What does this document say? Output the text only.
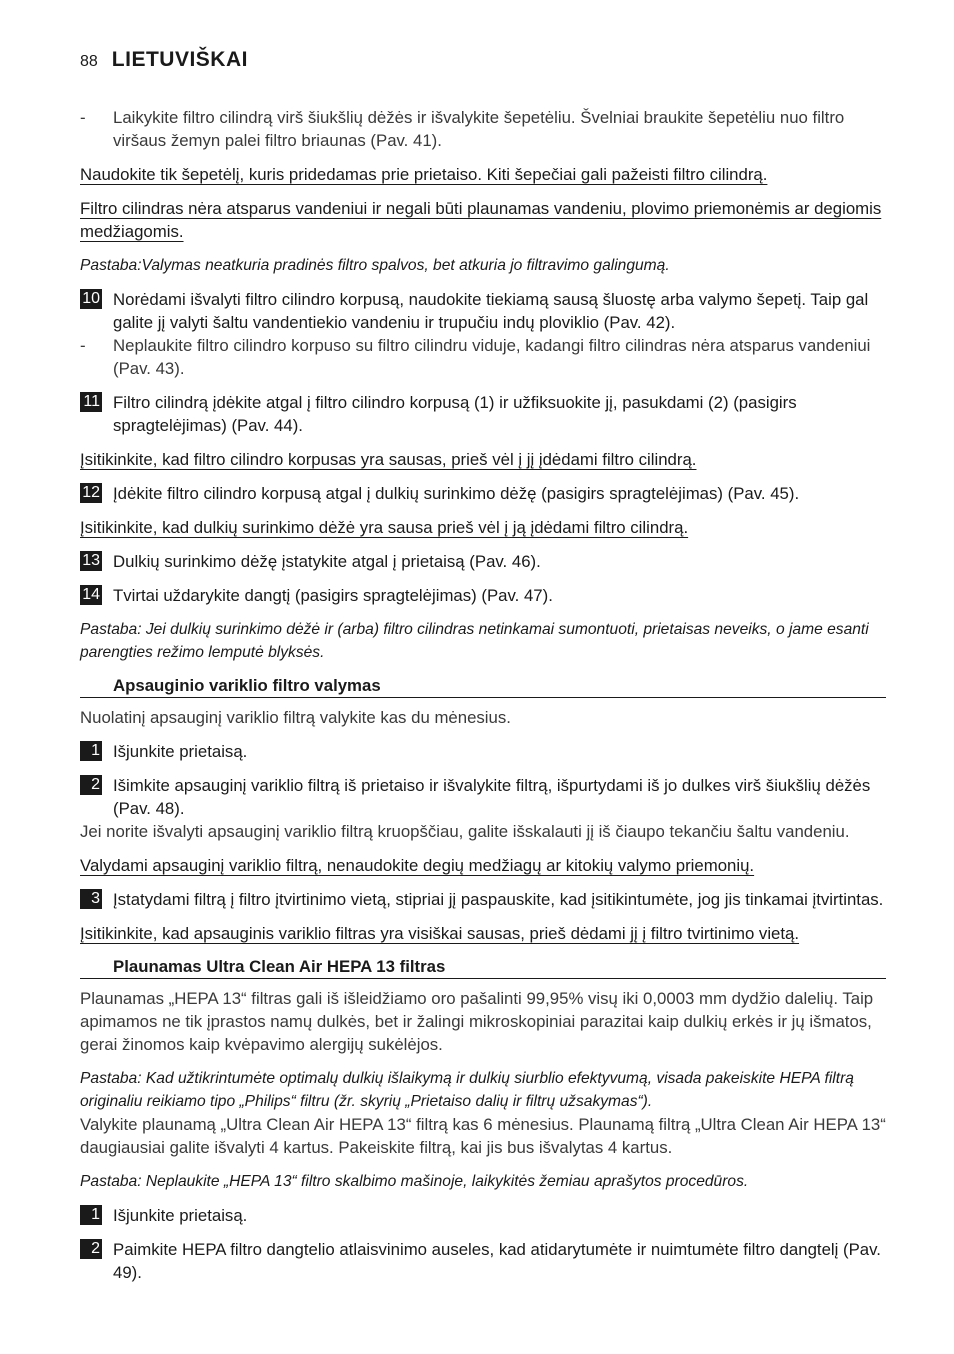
88 LIETUVIŠKAI
-	Laikykite filtro cilindrą virš šiukšlių dėžės ir išvalykite šepetėliu. Švelniai braukite šepetėliu nuo filtro viršaus žemyn palei filtro briaunas (Pav. 41).
Naudokite tik šepetėlį, kuris pridedamas prie prietaiso. Kiti šepečiai gali pažeisti filtro cilindrą.
Filtro cilindras nėra atsparus vandeniui ir negali būti plaunamas vandeniu, plovimo priemonėmis ar degiomis medžiagomis.
Pastaba:Valymas neatkuria pradinės filtro spalvos, bet atkuria jo filtravimo galingumą.
10 Norėdami išvalyti filtro cilindro korpusą, naudokite tiekiamą sausą šluostę arba valymo šepetį. Taip gal galite jį valyti šaltu vandentiekio vandeniu ir trupučiu indų ploviklio (Pav. 42).
-	Neplaukite filtro cilindro korpuso su filtro cilindru viduje, kadangi filtro cilindras nėra atsparus vandeniui (Pav. 43).
11 Filtro cilindrą įdėkite atgal į filtro cilindro korpusą (1) ir užfiksuokite jį, pasukdami (2) (pasigirs spragtelėjimas) (Pav. 44).
Įsitikinkite, kad filtro cilindro korpusas yra sausas, prieš vėl į jį įdėdami filtro cilindrą.
12 Įdėkite filtro cilindro korpusą atgal į dulkių surinkimo dėžę (pasigirs spragtelėjimas) (Pav. 45).
Įsitikinkite, kad dulkių surinkimo dėžė yra sausa prieš vėl į ją įdėdami filtro cilindrą.
13 Dulkių surinkimo dėžę įstatykite atgal į prietaisą (Pav. 46).
14 Tvirtai uždarykite dangtį (pasigirs spragtelėjimas) (Pav. 47).
Pastaba: Jei dulkių surinkimo dėžė ir (arba) filtro cilindras netinkamai sumontuoti, prietaisas neveiks, o jame esanti parengties režimo lemputė blyksės.
Apsauginio variklio filtro valymas
Nuolatinį apsauginį variklio filtrą valykite kas du mėnesius.
1 Išjunkite prietaisą.
2 Išimkite apsauginį variklio filtrą iš prietaiso ir išvalykite filtrą, išpurtydami iš jo dulkes virš šiukšlių dėžės (Pav. 48).
Jei norite išvalyti apsauginį variklio filtrą kruopščiau, galite išskalauti jį iš čiaupo tekančiu šaltu vandeniu.
Valydami apsauginį variklio filtrą, nenaudokite degių medžiagų ar kitokių valymo priemonių.
3 Įstatydami filtrą į filtro įtvirtinimo vietą, stipriai jį paspauskite, kad įsitikintumėte, jog jis tinkamai įtvirtintas.
Įsitikinkite, kad apsauginis variklio filtras yra visiškai sausas, prieš dėdami jį į filtro tvirtinimo vietą.
Plaunamas Ultra Clean Air HEPA 13 filtras
Plaunamas „HEPA 13“ filtras gali iš išleidžiamo oro pašalinti 99,95% visų iki 0,0003 mm dydžio dalelių. Taip apimamos ne tik įprastos namų dulkės, bet ir žalingi mikroskopiniai parazitai kaip dulkių erkės ir jų išmatos, gerai žinomos kaip kvėpavimo alergijų sukėlėjos.
Pastaba: Kad užtikrintumėte optimalų dulkių išlaikymą ir dulkių siurblio efektyvumą, visada pakeiskite HEPA filtrą originaliu reikiamo tipo „Philips“ filtru (žr. skyrių „Prietaiso dalių ir filtrų užsakymas“).
Valykite plaunamą „Ultra Clean Air HEPA 13“ filtrą kas 6 mėnesius. Plaunamą filtrą „Ultra Clean Air HEPA 13“ daugiausiai galite išvalyti 4 kartus. Pakeiskite filtrą, kai jis bus išvalytas 4 kartus.
Pastaba: Neplaukite „HEPA 13“ filtro skalbimo mašinoje, laikykitės žemiau aprašytos procedūros.
1 Išjunkite prietaisą.
2 Paimkite HEPA filtro dangtelio atlaisvinimo auseles, kad atidarytumėte ir nuimtumėte filtro dangtelį (Pav. 49).
